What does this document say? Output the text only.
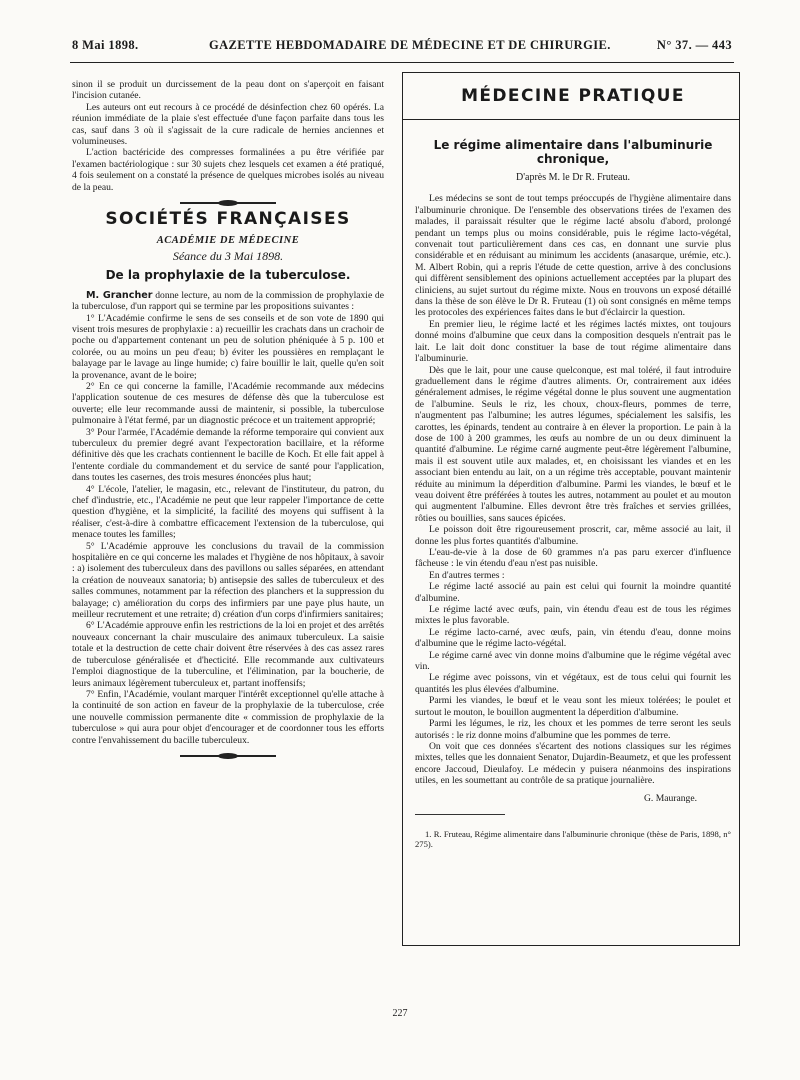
8 Mai 1898.	GAZETTE HEBDOMADAIRE DE MÉDECINE ET DE CHIRURGIE.	N° 37. — 443

sinon il se produit un durcissement de la peau dont on s'aperçoit en faisant l'incision cutanée.

Les auteurs ont eut recours à ce procédé de désinfection chez 60 opérés. La réunion immédiate de la plaie s'est effectuée d'une façon parfaite dans tous les cas, sauf dans 3 où il s'agissait de la cure radicale de hernies anciennes et volumineuses.

L'action bactéricide des compresses formalinées a pu être vérifiée par l'examen bactériologique : sur 30 sujets chez lesquels cet examen a été pratiqué, 4 fois seulement on a constaté la présence de quelques microbes isolés au niveau de la peau.

SOCIÉTÉS FRANÇAISES
ACADÉMIE DE MÉDECINE
Séance du 3 Mai 1898.
De la prophylaxie de la tuberculose.

M. Grancher donne lecture, au nom de la commission de prophylaxie de la tuberculose, d'un rapport qui se termine par les propositions suivantes :

1° L'Académie confirme le sens de ses conseils et de son vote de 1890 qui visent trois mesures de prophylaxie : a) recueillir les crachats dans un crachoir de poche ou d'appartement contenant un peu de solution phéniquée à 5 p. 100 et colorée, ou au moins un peu d'eau; b) éviter les poussières en remplaçant le balayage par le lavage au linge humide; c) faire bouillir le lait, quelle qu'en soit la provenance, avant de le boire;

2° En ce qui concerne la famille, l'Académie recommande aux médecins l'application soutenue de ces mesures de défense dès que la tuberculose est ouverte; elle leur recommande aussi de maintenir, si possible, la tuberculose pulmonaire à l'état fermé, par un diagnostic précoce et un traitement approprié;

3° Pour l'armée, l'Académie demande la réforme temporaire qui convient aux tuberculeux du premier degré avant l'expectoration bacillaire, et la réforme définitive dès que les crachats contiennent le bacille de Koch. Et elle fait appel à l'entente cordiale du commandement et du service de santé pour l'application, dans toutes les casernes, des trois mesures énoncées plus haut;

4° L'école, l'atelier, le magasin, etc., relevant de l'instituteur, du patron, du chef d'industrie, etc., l'Académie ne peut que leur rappeler l'importance de cette question d'hygiène, et la simplicité, la facilité des moyens qui suffisent à la réaliser, c'est-à-dire à combattre efficacement l'extension de la tuberculose, qui menace toutes les familles;

5° L'Académie approuve les conclusions du travail de la commission hospitalière en ce qui concerne les malades et l'hygiène de nos hôpitaux, à savoir : a) isolement des tuberculeux dans des pavillons ou salles séparées, en attendant la création de nouveaux sanatoria; b) antisepsie des salles de tuberculeux et des salles communes, notamment par la réfection des planchers et la suppression du balayage; c) amélioration du corps des infirmiers par une paye plus haute, un meilleur recrutement et une retraite; d) création d'un corps d'infirmiers sanitaires;

6° L'Académie approuve enfin les restrictions de la loi en projet et des arrêtés nouveaux concernant la chair musculaire des animaux tuberculeux. La saisie totale et la destruction de cette chair doivent être réservées à des cas assez rares de tuberculose généralisée et d'hecticité. Elle recommande aux cultivateurs l'emploi diagnostique de la tuberculine, et l'élimination, par la boucherie, de leurs animaux légèrement tuberculeux et, partant inoffensifs;

7° Enfin, l'Académie, voulant marquer l'intérêt exceptionnel qu'elle attache à la continuité de son action en faveur de la prophylaxie de la tuberculose, crée une nouvelle commission permanente dite « commission de prophylaxie de la tuberculose » qui aura pour objet d'encourager et de coordonner tous les efforts contre l'envahissement du bacille tuberculeux.

MÉDECINE PRATIQUE
Le régime alimentaire dans l'albuminurie chronique,
D'après M. le Dr R. Fruteau.

Les médecins se sont de tout temps préoccupés de l'hygiène alimentaire dans l'albuminurie chronique. De l'ensemble des observations tirées de l'examen des malades, il paraissait résulter que le régime lacté absolu d'abord, prolongé pendant un temps plus ou moins considérable, puis le régime lacto-végétal, convenait tout particulièrement dans ces cas, en donnant une survie plus considérable et en réduisant au minimum les accidents (anasarque, urémie, etc.). M. Albert Robin, qui a repris l'étude de cette question, arrive à des conclusions qui diffèrent sensiblement des opinions actuellement acceptées par la plupart des cliniciens, au sujet surtout du régime mixte. Nous en trouvons un exposé détaillé dans la thèse de son élève le Dr R. Fruteau (1) où sont consignés en même temps les protocoles des expériences faites dans le but d'éclaircir la question.

En premier lieu, le régime lacté et les régimes lactés mixtes, ont toujours donné moins d'albumine que ceux dans la composition desquels n'entrait pas le lait. Le lait doit donc constituer la base de tout régime alimentaire dans l'albuminurie.

Dès que le lait, pour une cause quelconque, est mal toléré, il faut introduire graduellement dans le régime d'autres aliments. Or, contrairement aux idées généralement admises, le régime végétal donne le plus souvent une augmentation de l'albumine. Seuls le riz, les choux, choux-fleurs, pommes de terre, n'augmentent pas l'albumine; les autres légumes, spécialement les salsifis, les carottes, les épinards, tendent au contraire à en élever la proportion. Le pain à la dose de 100 à 200 grammes, les œufs au nombre de un ou deux diminuent la quantité d'albumine. Le régime carné augmente peut-être légèrement l'albumine, mais il est souvent utile aux malades, et, en choisissant les viandes et en les associant bien entendu au lait, on a un régime très acceptable, pouvant maintenir réduite au minimum la déperdition d'albumine. Parmi les viandes, le bœuf et le veau doivent être préférées à toutes les autres, notamment au poulet et au mouton qui augmentent l'albumine. Elles devront être très fraîches et servies grillées, rôties ou bouillies, sans sauces épicées.

Le poisson doit être rigoureusement proscrit, car, même associé au lait, il donne les plus fortes quantités d'albumine.

L'eau-de-vie à la dose de 60 grammes n'a pas paru exercer d'influence fâcheuse : le vin étendu d'eau n'est pas nuisible.

En d'autres termes :

Le régime lacté associé au pain est celui qui fournit la moindre quantité d'albumine.

Le régime lacté avec œufs, pain, vin étendu d'eau est de tous les régimes mixtes le plus favorable.

Le régime lacto-carné, avec œufs, pain, vin étendu d'eau, donne moins d'albumine que le régime lacto-végétal.

Le régime carné avec vin donne moins d'albumine que le régime végétal avec vin.

Le régime avec poissons, vin et végétaux, est de tous celui qui fournit les quantités les plus élevées d'albumine.

Parmi les viandes, le bœuf et le veau sont les mieux tolérées; le poulet et surtout le mouton, le bouillon augmentent la déperdition d'albumine.

Parmi les légumes, le riz, les choux et les pommes de terre seront les seuls autorisés : le riz donne moins d'albumine que les pommes de terre.

On voit que ces données s'écartent des notions classiques sur les régimes mixtes, telles que les donnaient Senator, Dujardin-Beaumetz, et que les professent encore Jaccoud, Dieulafoy. Le médecin y puisera néanmoins des inspirations utiles, en les soumettant au contrôle de sa pratique journalière.

G. Maurange.
1. R. Fruteau, Régime alimentaire dans l'albuminurie chronique (thèse de Paris, 1898, n° 275).
227
